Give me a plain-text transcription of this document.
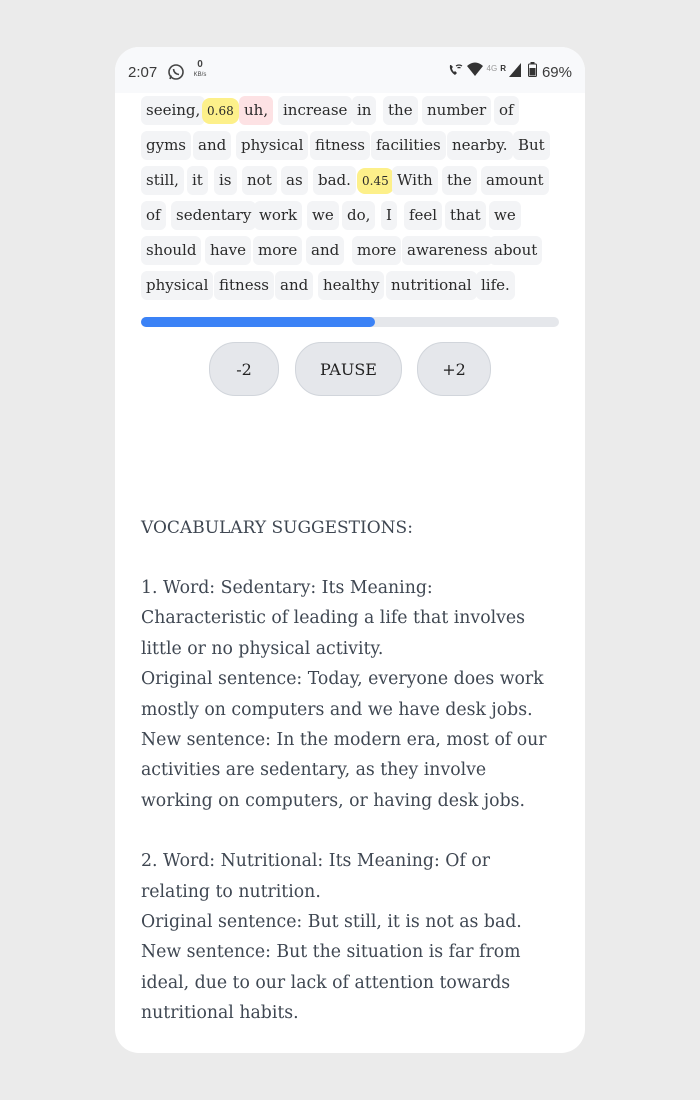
2:07	0
KB/s
4G R 69%
seeing, 0.68 uh, increase in	the number of
gyms and physical fitness facilities nearby. But
still, it	is	not as	bad. 0.45 With the amount
of	sedentary work we do,	I	feel that we
should have more and	more awareness about
physical fitness and healthy nutritional life.
-2	PAUSE	+2
VOCABULARY SUGGESTIONS:

1. Word: Sedentary: Its Meaning: Characteristic of leading a life that involves little or no physical activity.

Original sentence: Today, everyone does work mostly on computers and we have desk jobs.

New sentence: In the modern era, most of our activities are sedentary, as they involve working on computers, or having desk jobs.

2. Word: Nutritional: Its Meaning: Of or relating to nutrition.

Original sentence: But still, it is not as bad.

New sentence: But the situation is far from ideal, due to our lack of attention towards nutritional habits.
